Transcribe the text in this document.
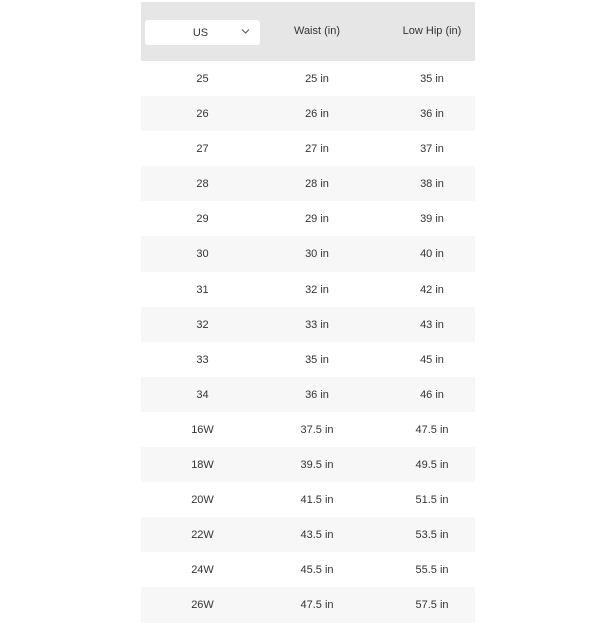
US	Waist (in)	Low Hip (in)
25	25 in	35 in
26	26 in	36 in
27	27 in	37 in
28	28 in	38 in
29	29 in	39 in
30	30 in	40 in
31	32 in	42 in
32	33 in	43 in
33	35 in	45 in
34	36 in	46 in
16W	37.5 in	47.5 in
18W	39.5 in	49.5 in
20W	41.5 in	51.5 in
22W	43.5 in	53.5 in
24W	45.5 in	55.5 in
26W	47.5 in	57.5 in
